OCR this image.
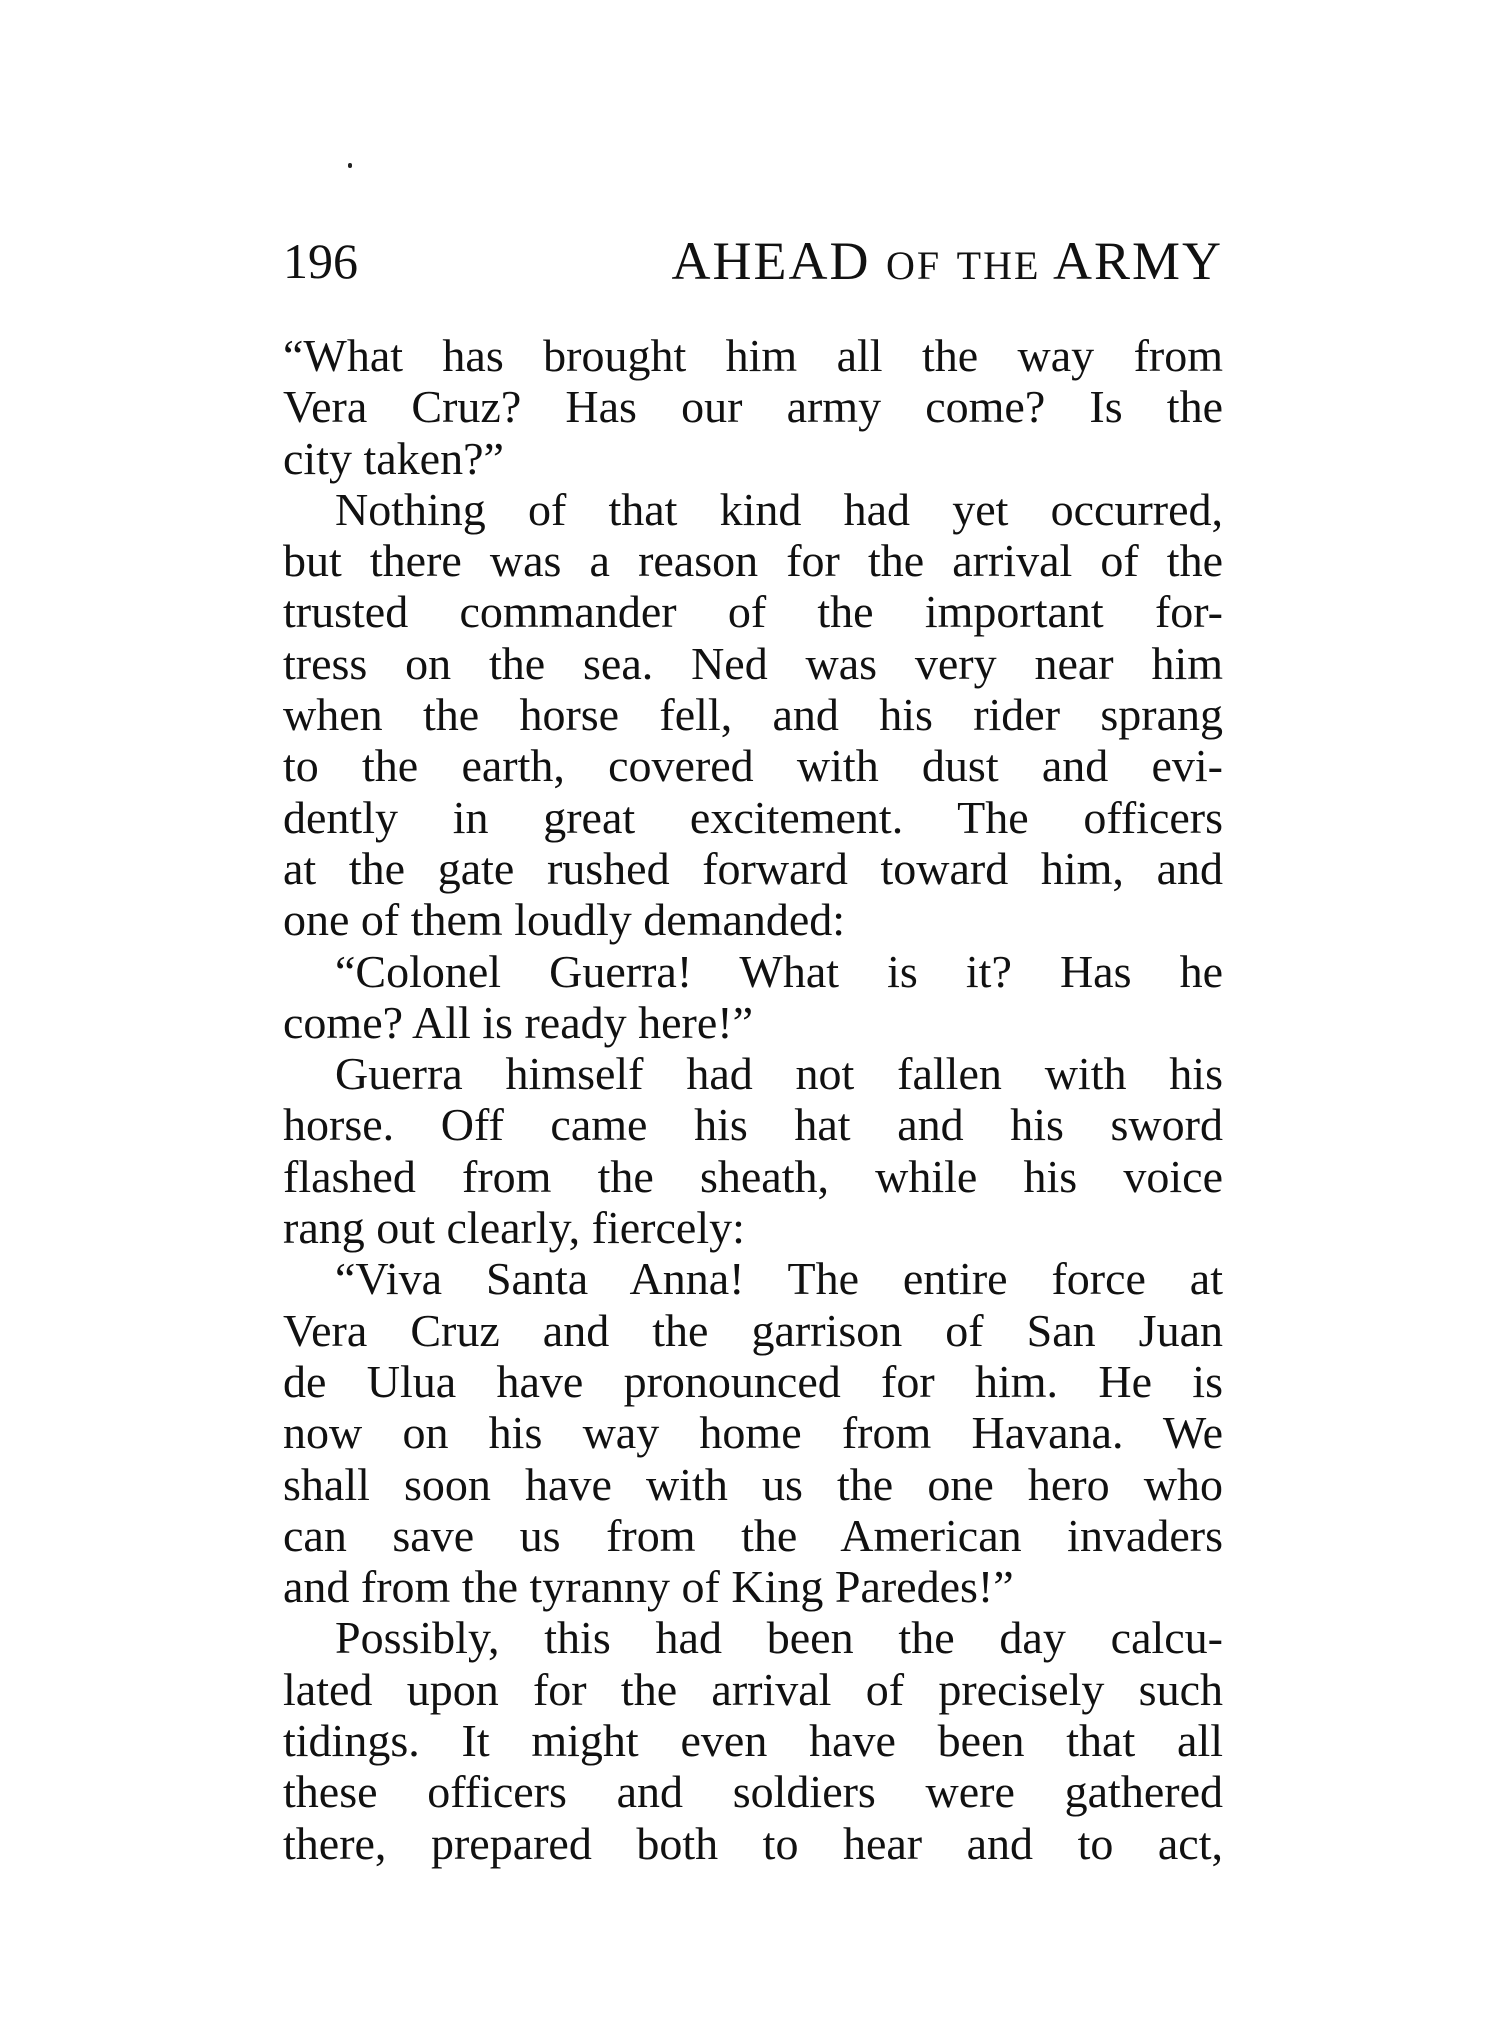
196	AHEAD OF THE ARMY
“What has brought him all the way from
Vera Cruz? Has our army come? Is the
city taken?”
Nothing of that kind had yet occurred,
but there was a reason for the arrival of the
trusted commander of the important for-
tress on the sea. Ned was very near him
when the horse fell, and his rider sprang
to the earth, covered with dust and evi-
dently in great excitement. The officers
at the gate rushed forward toward him, and
one of them loudly demanded:
“Colonel Guerra! What is it? Has he
come? All is ready here!”
Guerra himself had not fallen with his
horse. Off came his hat and his sword
flashed from the sheath, while his voice
rang out clearly, fiercely:
“Viva Santa Anna! The entire force at
Vera Cruz and the garrison of San Juan
de Ulua have pronounced for him. He is
now on his way home from Havana. We
shall soon have with us the one hero who
can save us from the American invaders
and from the tyranny of King Paredes!”
Possibly, this had been the day calcu-
lated upon for the arrival of precisely such
tidings. It might even have been that all
these officers and soldiers were gathered
there, prepared both to hear and to act,
